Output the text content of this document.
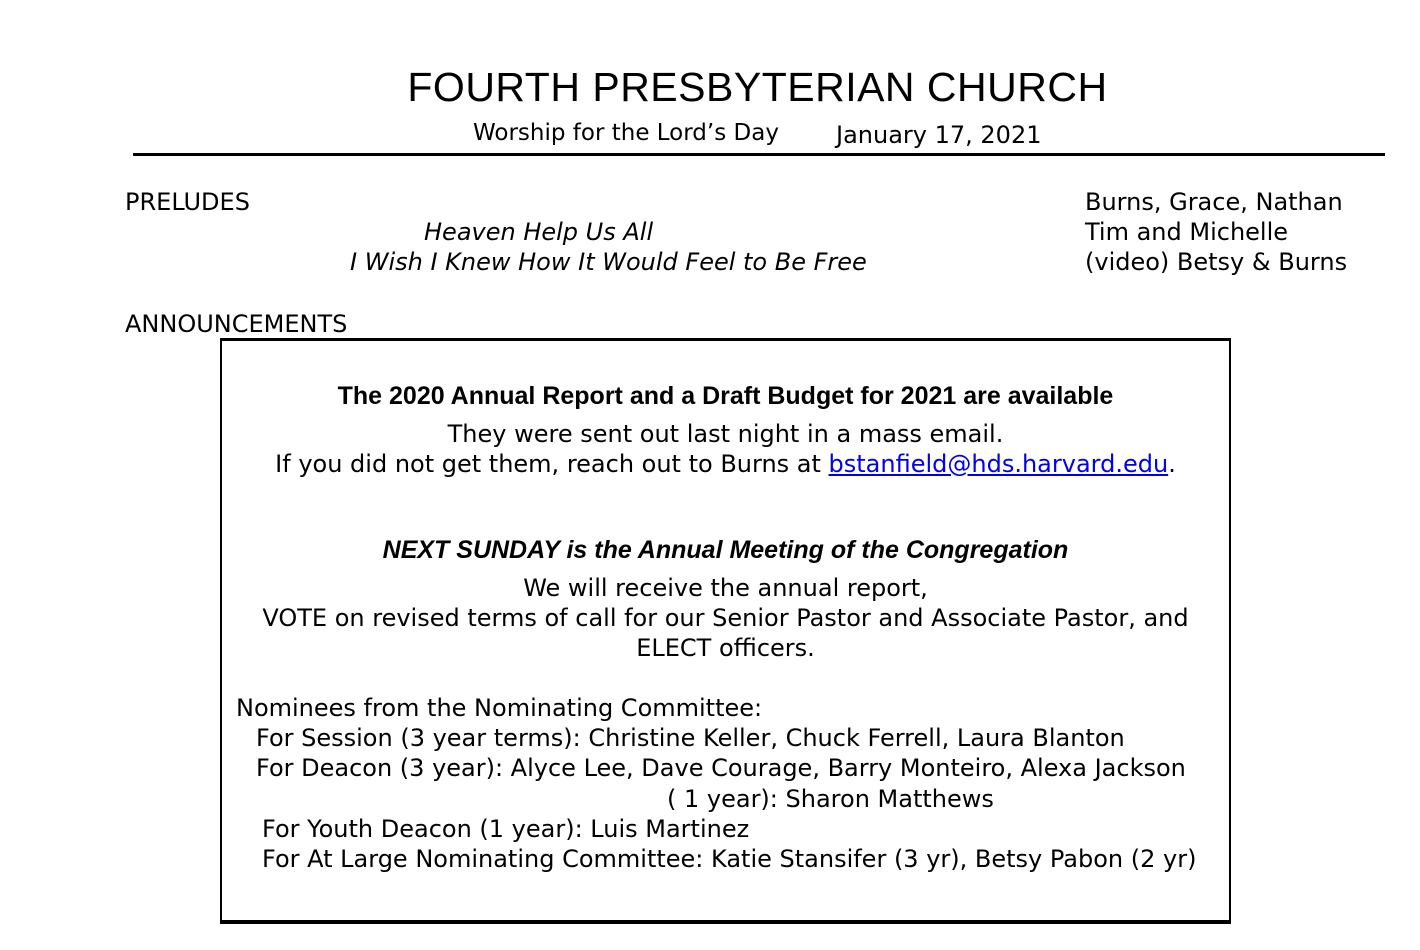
FOURTH PRESBYTERIAN CHURCH
Worship for the Lord’s Day January 17, 2021
PRELUDES
Heaven Help Us All
I Wish I Knew How It Would Feel to Be Free
Burns, Grace, Nathan
Tim and Michelle
(video) Betsy & Burns
ANNOUNCEMENTS
The 2020 Annual Report and a Draft Budget for 2021 are available
They were sent out last night in a mass email.
If you did not get them, reach out to Burns at bstanfield@hds.harvard.edu.
NEXT SUNDAY is the Annual Meeting of the Congregation
We will receive the annual report,
VOTE on revised terms of call for our Senior Pastor and Associate Pastor, and
ELECT officers.
Nominees from the Nominating Committee:
For Session (3 year terms): Christine Keller, Chuck Ferrell, Laura Blanton
For Deacon (3 year): Alyce Lee, Dave Courage, Barry Monteiro, Alexa Jackson
( 1 year): Sharon Matthews
For Youth Deacon (1 year): Luis Martinez
For At Large Nominating Committee: Katie Stansifer (3 yr), Betsy Pabon (2 yr)
